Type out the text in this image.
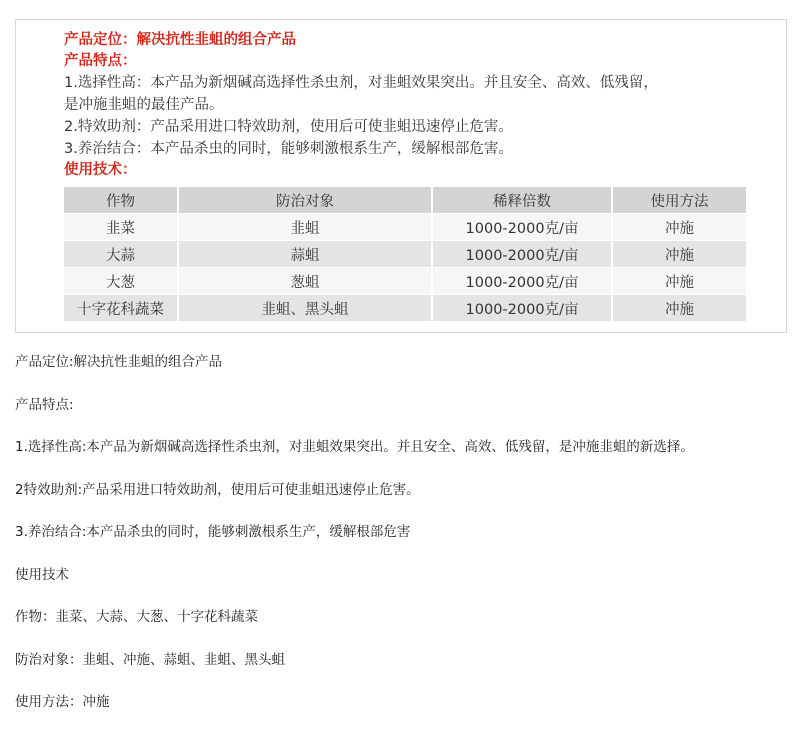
产品定位：解决抗性韭蛆的组合产品
产品特点：
1.选择性高：本产品为新烟碱高选择性杀虫剂，对韭蛆效果突出。并且安全、高效、低残留，
是冲施韭蛆的最佳产品。
2.特效助剂：产品采用进口特效助剂，使用后可使韭蛆迅速停止危害。
3.养治结合：本产品杀虫的同时，能够刺激根系生产，缓解根部危害。
使用技术：
作物	防治对象	稀释倍数	使用方法
韭菜	韭蛆	1000-2000克/亩	冲施
大蒜	蒜蛆	1000-2000克/亩	冲施
大葱	葱蛆	1000-2000克/亩	冲施
十字花科蔬菜	韭蛆、黑头蛆	1000-2000克/亩	冲施

产品定位:解决抗性韭蛆的组合产品

产品特点:

1.选择性高:本产品为新烟碱高选择性杀虫剂，对韭蛆效果突出。并且安全、高效、低残留，是冲施韭蛆的新选择。

2特效助剂:产品采用进口特效助剂，使用后可使韭蛆迅速停止危害。

3.养治结合:本产品杀虫的同时，能够刺激根系生产，缓解根部危害

使用技术

作物：韭菜、大蒜、大葱、十字花科蔬菜

防治对象：韭蛆、冲施、蒜蛆、韭蛆、黑头蛆

使用方法：冲施
